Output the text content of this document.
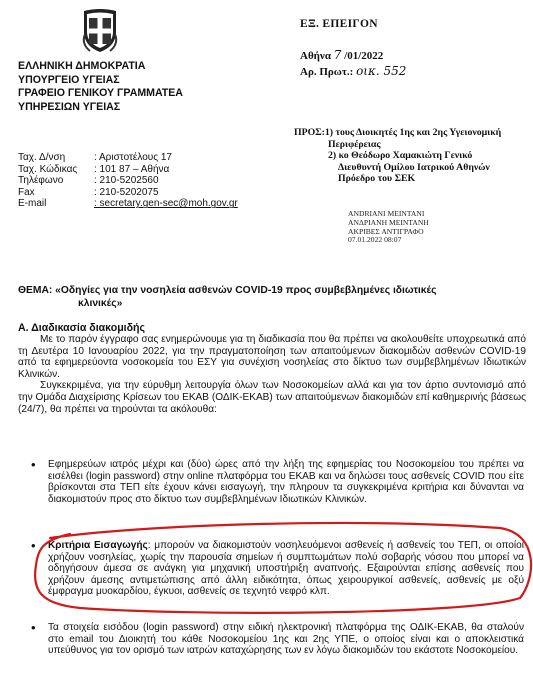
ΕΛΛΗΝΙΚΗ ΔΗΜΟΚΡΑΤΙΑ
ΥΠΟΥΡΓΕΙΟ ΥΓΕΙΑΣ
ΓΡΑΦΕΙΟ ΓΕΝΙΚΟΥ ΓΡΑΜΜΑΤΕΑ
ΥΠΗΡΕΣΙΩΝ ΥΓΕΙΑΣ
Ταχ. Δ/νση	: Αριστοτέλους 17
Ταχ. Κώδικας	: 101 87 – Αθήνα
Τηλέφωνο	: 210-5202560
Fax	: 210-5202075
E-mail	: secretary.gen-sec@moh.gov.gr
ΕΞ. ΕΠΕΙΓΟΝ
Αθήνα 7 /01/2022
Αρ. Πρωτ.: οικ. 552
ΠΡΟΣ:1) τους Διοικητές 1ης και 2ης Υγειονομική
Περιφέρειας
2) κο Θεόδωρο Χαμακιώτη Γενικό
Διευθυντή Ομίλου Ιατρικού Αθηνών
Πρόεδρο του ΣΕΚ
ANDRIANI MEINTANI
ΑΝΔΡΙΑΝΗ ΜΕΙΝΤΑΝΗ
ΑΚΡΙΒΕΣ ΑΝΤΙΓΡΑΦΟ
07.01.2022 08:07
ΘΕΜΑ: «Οδηγίες για την νοσηλεία ασθενών COVID-19 προς συμβεβλημένες ιδιωτικές
κλινικές»
Α. Διαδικασία διακομιδής

Με το παρόν έγγραφο σας ενημερώνουμε για τη διαδικασία που θα πρέπει να ακολουθείτε υποχρεωτικά από τη Δευτέρα 10 Ιανουαρίου 2022, για την πραγματοποίηση των απαιτούμενων διακομιδών ασθενών COVID-19 από τα εφημερεύοντα νοσοκομεία του ΕΣΥ για συνέχιση νοσηλείας στο δίκτυο των συμβεβλημένων Ιδιωτικών Κλινικών.

Συγκεκριμένα, για την εύρυθμη λειτουργία όλων των Νοσοκομείων αλλά και για τον άρτιο συντονισμό από την Ομάδα Διαχείρισης Κρίσεων του ΕΚΑΒ (ΟΔΙΚ-ΕΚΑΒ) των απαιτούμενων διακομιδών επί καθημερινής βάσεως (24/7), θα πρέπει να τηρούνται τα ακόλουθα:

• Εφημερεύων ιατρός μέχρι και (δύο) ώρες από την λήξη της εφημερίας του Νοσοκομείου του πρέπει να εισέλθει (login password) στην online πλατφόρμα του ΕΚΑΒ και να δηλώσει τους ασθενείς COVID που είτε βρίσκονται στα ΤΕΠ είτε έχουν κάνει εισαγωγή, την πληρουν τα συγκεκριμένα κριτήρια και δύνανται να διακομιστούν προς στο δίκτυο των συμβεβλημένων Ιδιωτικών Κλινικών.

• Κριτήρια Εισαγωγής: μπορούν να διακομιστούν νοσηλευόμενοι ασθενείς ή ασθενείς του ΤΕΠ, οι οποίοι χρήζουν νοσηλείας, χωρίς την παρουσία σημείων ή συμπτωμάτων πολύ σοβαρής νόσου που μπορεί να οδηγήσουν άμεσα σε ανάγκη για μηχανική υποστήριξη αναπνοής. Εξαιρούνται επίσης ασθενείς που χρήζουν άμεσης αντιμετώπισης από άλλη ειδικότητα, όπως χειρουργικοί ασθενείς, ασθενείς με οξύ έμφραγμα μυοκαρδίου, έγκυοι, ασθενείς σε τεχνητό νεφρό κλπ.

• Τα στοιχεία εισόδου (login password) στην ειδική ηλεκτρονική πλατφόρμα της ΟΔΙΚ-ΕΚΑΒ, θα σταλούν στο email του Διοικητή του κάθε Νοσοκομείου 1ης και 2ης ΥΠΕ, ο οποίος είναι και ο αποκλειστικά υπεύθυνος για τον ορισμό των ιατρών καταχώρησης των εν λόγω διακομιδών του εκάστοτε Νοσοκομείου.
